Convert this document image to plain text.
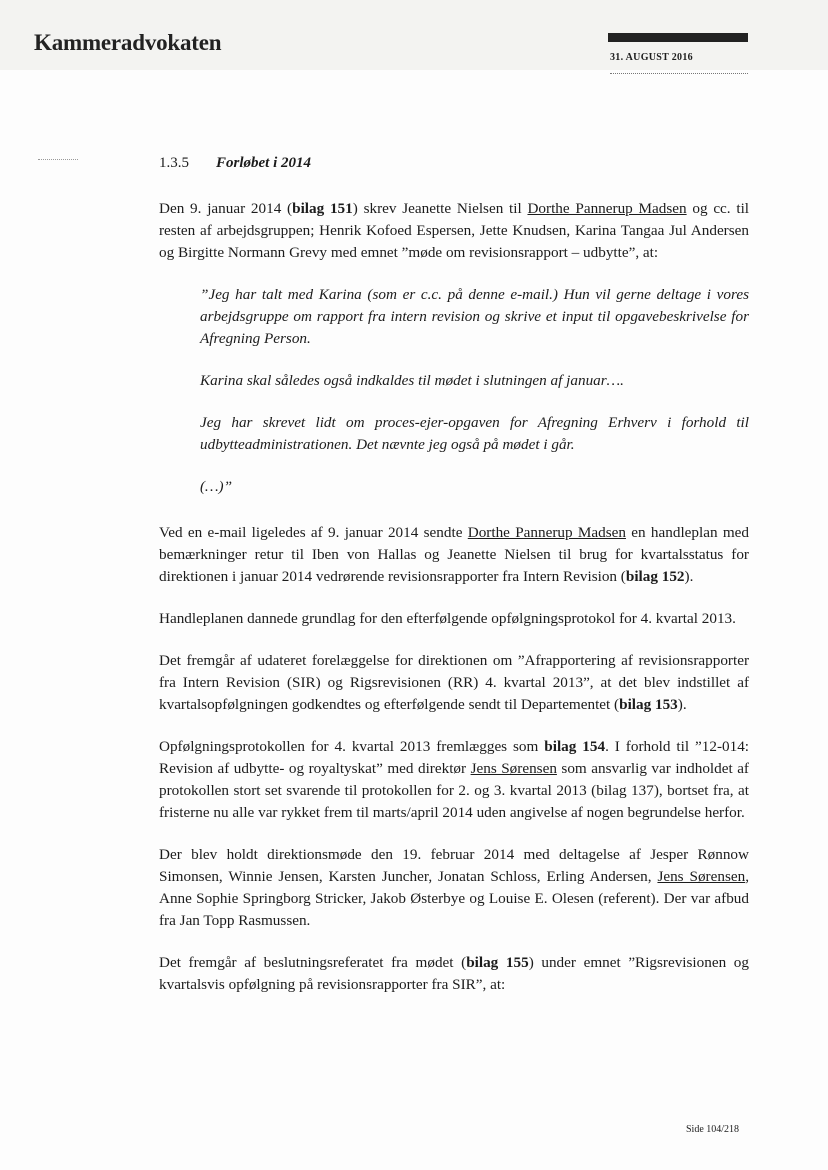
Kammeradvokaten
31. AUGUST 2016
1.3.5 Forløbet i 2014

Den 9. januar 2014 (bilag 151) skrev Jeanette Nielsen til Dorthe Pannerup Madsen og cc. til resten af arbejdsgruppen; Henrik Kofoed Espersen, Jette Knudsen, Karina Tangaa Jul Andersen og Birgitte Normann Grevy med emnet ”møde om revisionsrapport – udbytte”, at:

”Jeg har talt med Karina (som er c.c. på denne e-mail.) Hun vil gerne deltage i vores arbejdsgruppe om rapport fra intern revision og skrive et input til opgavebeskrivelse for Afregning Person.

Karina skal således også indkaldes til mødet i slutningen af januar….

Jeg har skrevet lidt om proces-ejer-opgaven for Afregning Erhverv i forhold til udbytteadministrationen. Det nævnte jeg også på mødet i går.

(…)”

Ved en e-mail ligeledes af 9. januar 2014 sendte Dorthe Pannerup Madsen en handleplan med bemærkninger retur til Iben von Hallas og Jeanette Nielsen til brug for kvartalsstatus for direktionen i januar 2014 vedrørende revisionsrapporter fra Intern Revision (bilag 152).

Handleplanen dannede grundlag for den efterfølgende opfølgningsprotokol for 4. kvartal 2013.

Det fremgår af udateret forelæggelse for direktionen om ”Afrapportering af revisionsrapporter fra Intern Revision (SIR) og Rigsrevisionen (RR) 4. kvartal 2013”, at det blev indstillet af kvartalsopfølgningen godkendtes og efterfølgende sendt til Departementet (bilag 153).

Opfølgningsprotokollen for 4. kvartal 2013 fremlægges som bilag 154. I forhold til ”12-014: Revision af udbytte- og royaltyskat” med direktør Jens Sørensen som ansvarlig var indholdet af protokollen stort set svarende til protokollen for 2. og 3. kvartal 2013 (bilag 137), bortset fra, at fristerne nu alle var rykket frem til marts/april 2014 uden angivelse af nogen begrundelse herfor.

Der blev holdt direktionsmøde den 19. februar 2014 med deltagelse af Jesper Rønnow Simonsen, Winnie Jensen, Karsten Juncher, Jonatan Schloss, Erling Andersen, Jens Sørensen, Anne Sophie Springborg Stricker, Jakob Østerbye og Louise E. Olesen (referent). Der var afbud fra Jan Topp Rasmussen.

Det fremgår af beslutningsreferatet fra mødet (bilag 155) under emnet ”Rigsrevisionen og kvartalsvis opfølgning på revisionsrapporter fra SIR”, at:

Side 104/218
